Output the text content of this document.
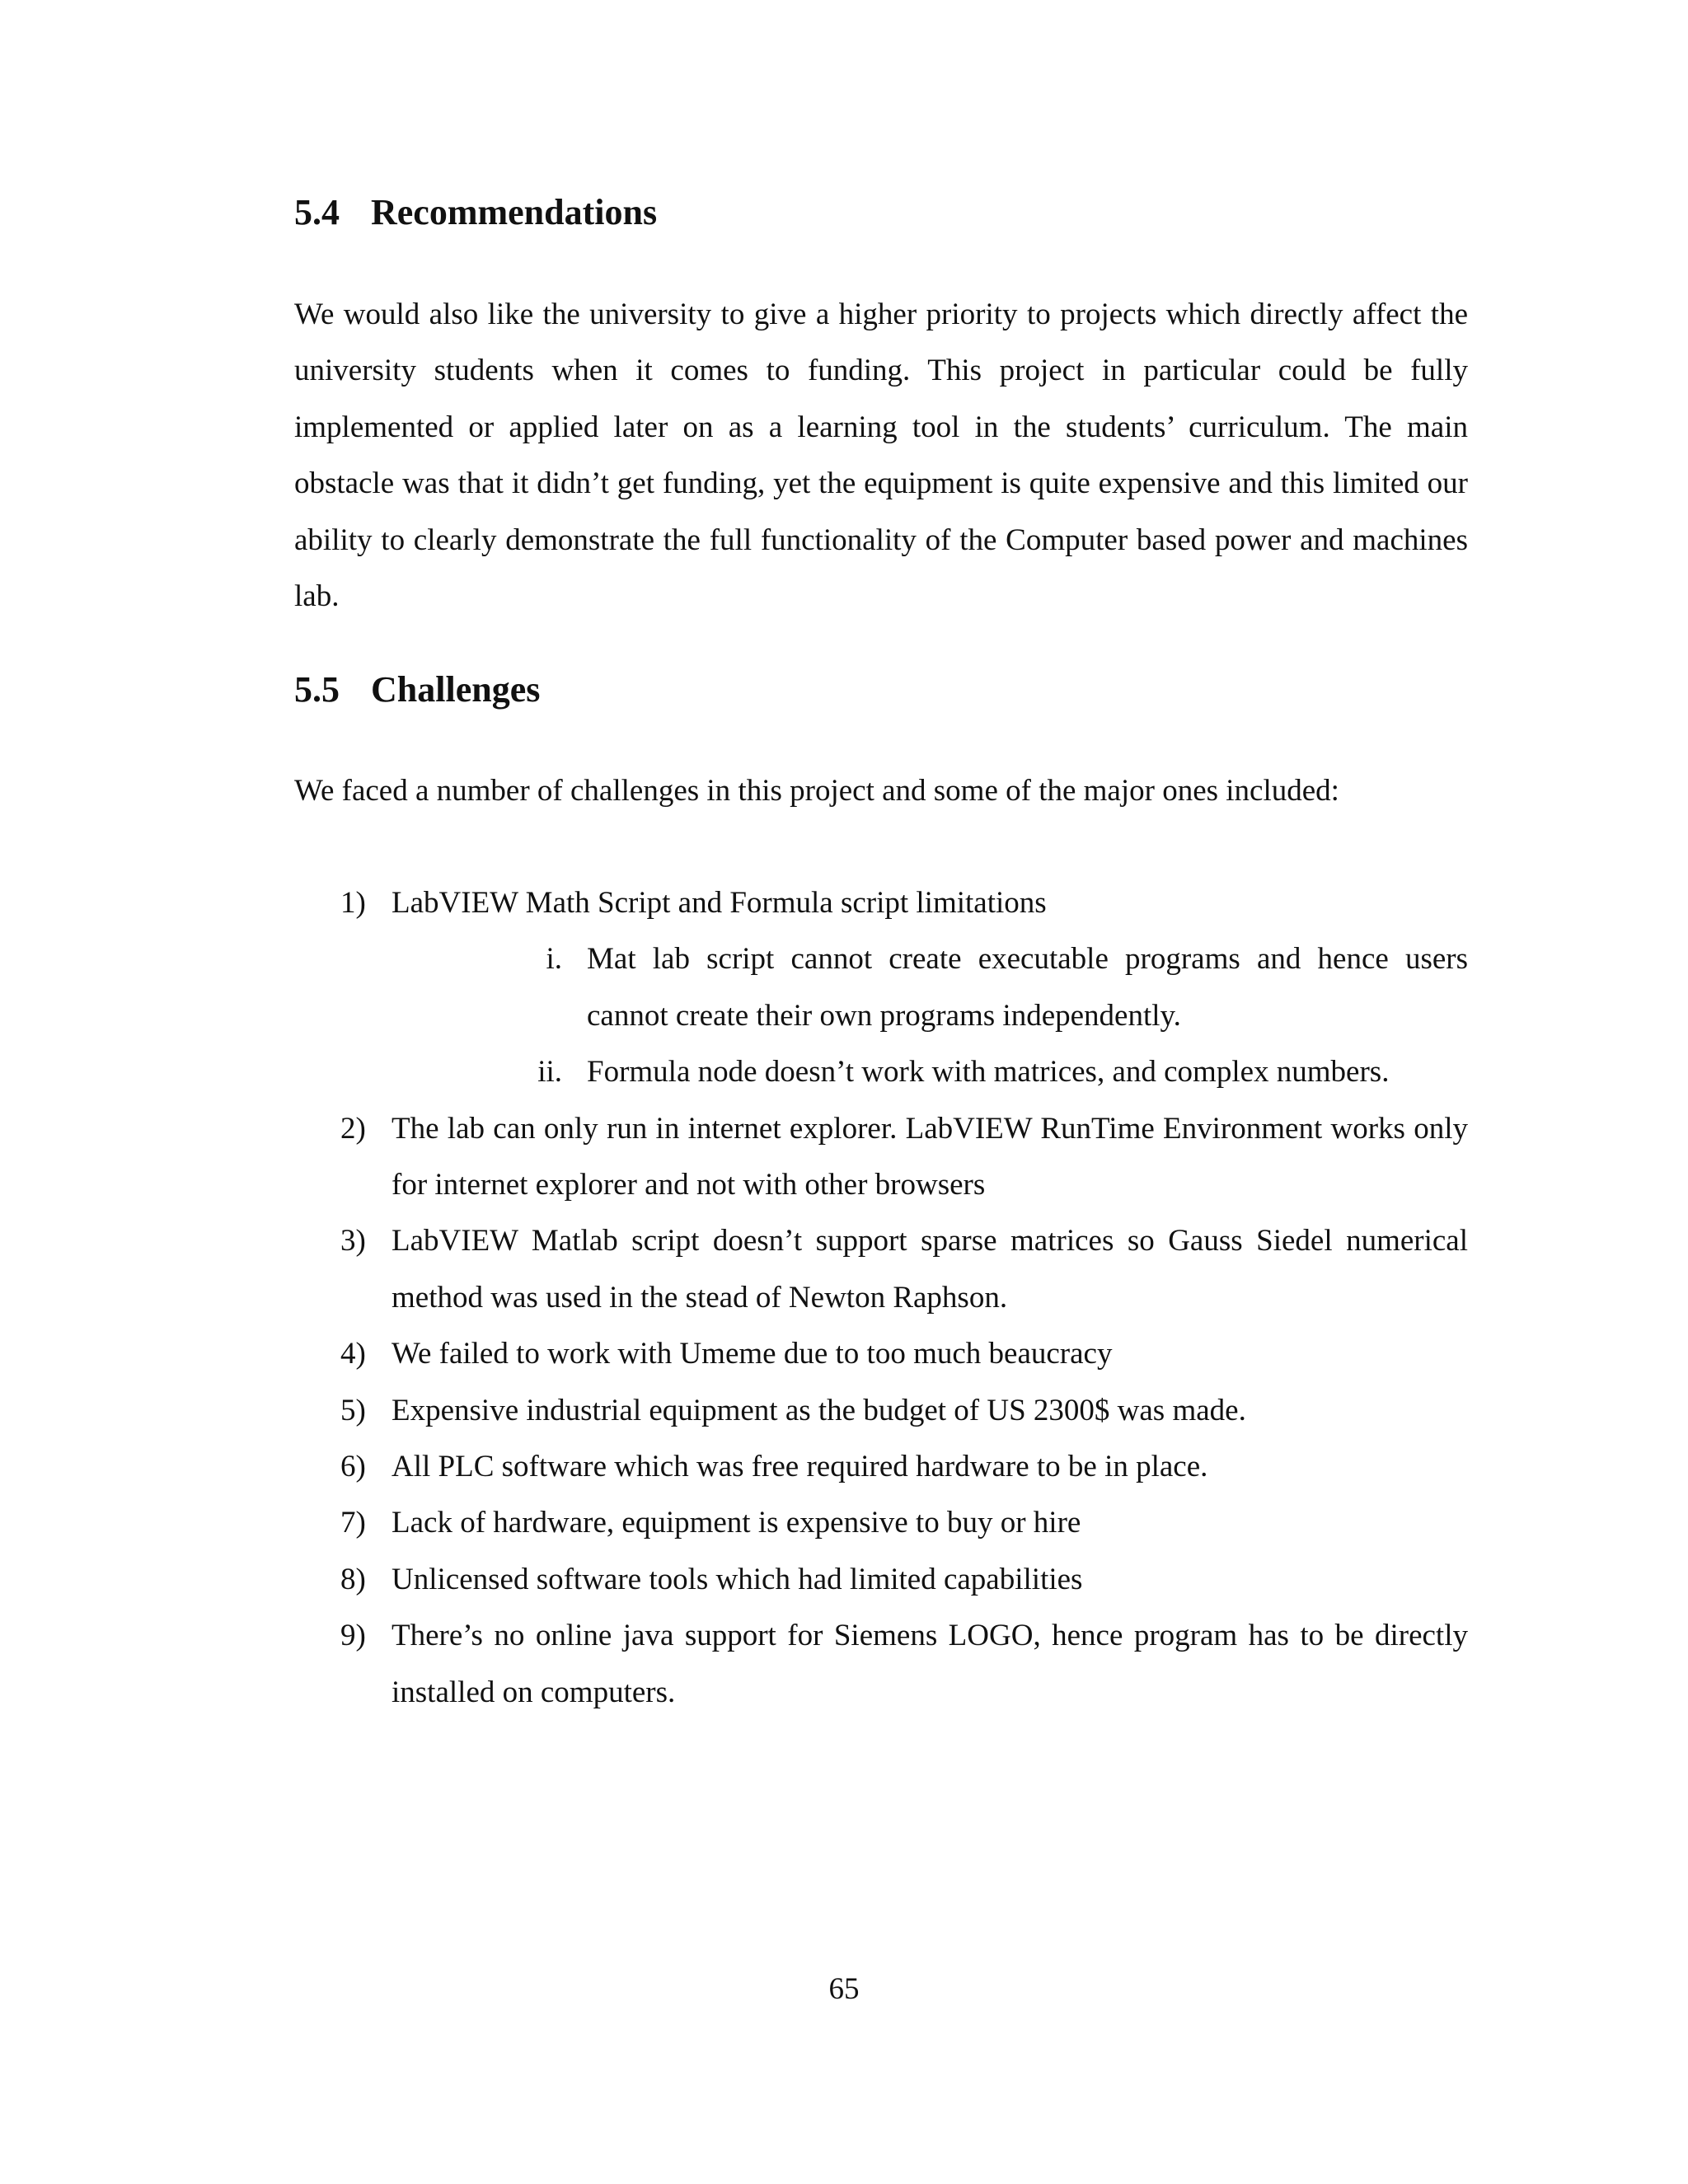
5.4 Recommendations

We would also like the university to give a higher priority to projects which directly affect the university students when it comes to funding. This project in particular could be fully implemented or applied later on as a learning tool in the students’ curriculum. The main obstacle was that it didn’t get funding, yet the equipment is quite expensive and this limited our ability to clearly demonstrate the full functionality of the Computer based power and machines lab.

5.5 Challenges

We faced a number of challenges in this project and some of the major ones included:

1) LabVIEW Math Script and Formula script limitations
i. Mat lab script cannot create executable programs and hence users cannot create their own programs independently.
ii. Formula node doesn’t work with matrices, and complex numbers.
2) The lab can only run in internet explorer. LabVIEW RunTime Environment works only for internet explorer and not with other browsers
3) LabVIEW Matlab script doesn’t support sparse matrices so Gauss Siedel numerical method was used in the stead of Newton Raphson.
4) We failed to work with Umeme due to too much beaucracy
5) Expensive industrial equipment as the budget of US 2300$ was made.
6) All PLC software which was free required hardware to be in place.
7) Lack of hardware, equipment is expensive to buy or hire
8) Unlicensed software tools which had limited capabilities
9) There’s no online java support for Siemens LOGO, hence program has to be directly installed on computers.
65
